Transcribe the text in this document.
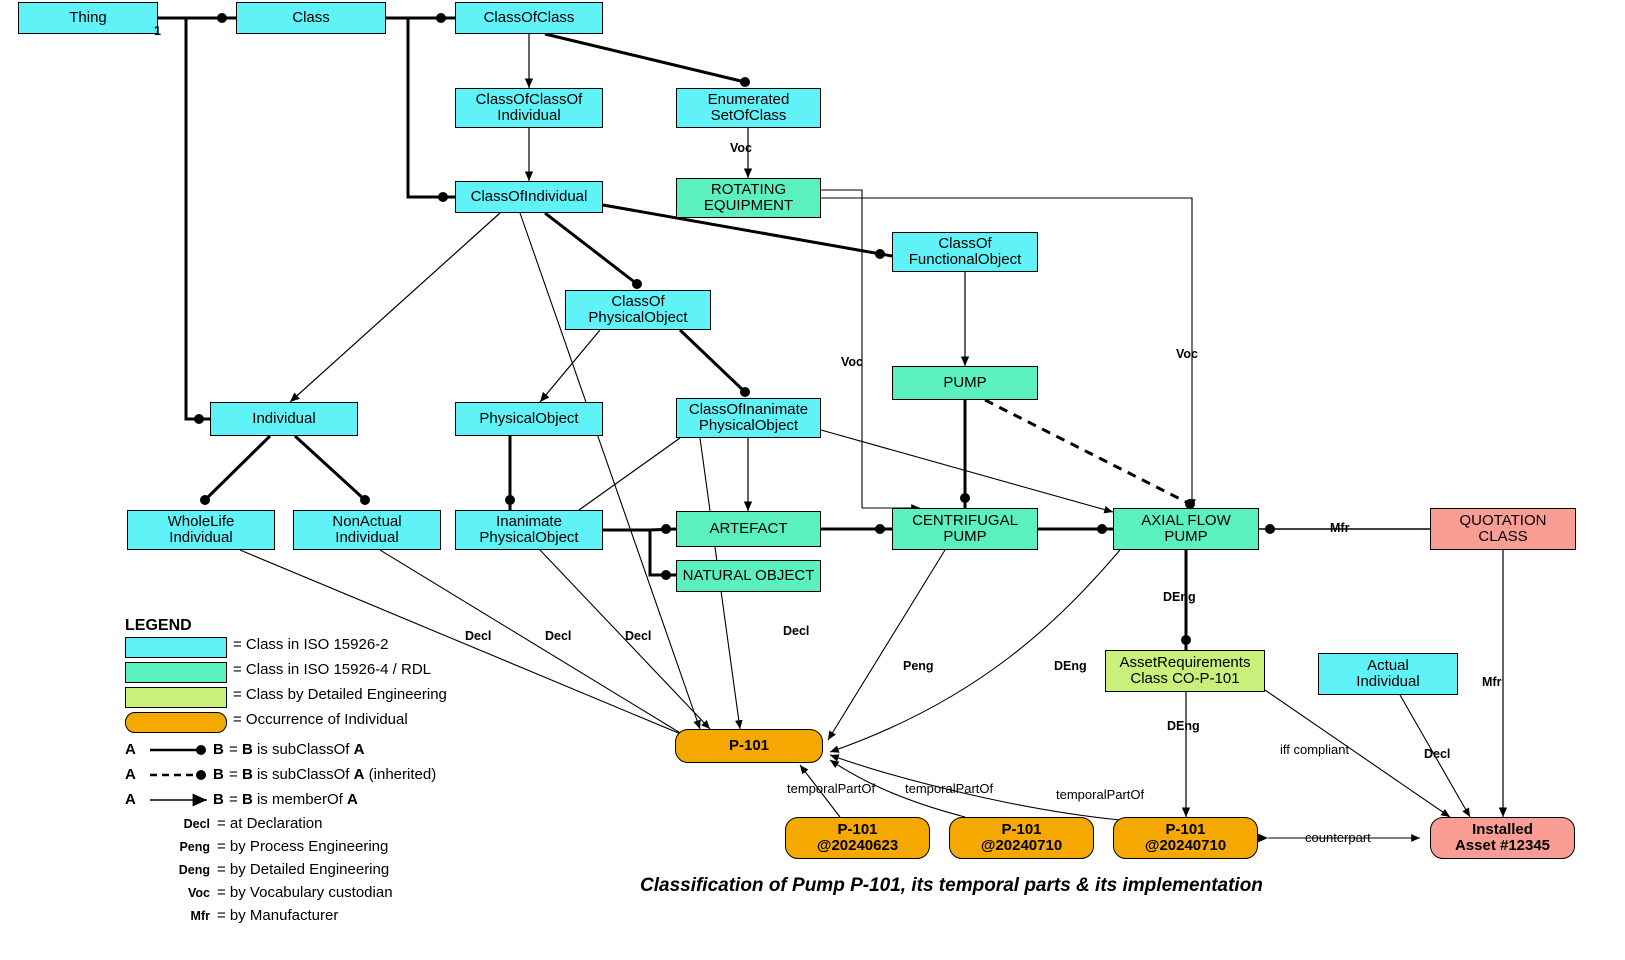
Thing	Class	ClassOfClass
ClassOfClassOf
Individual
Enumerated
SetOfClass
ClassOfIndividual	ROTATING
EQUIPMENT
ClassOf
FunctionalObject
ClassOf
PhysicalObject
PUMP
Individual	PhysicalObject
ClassOfInanimate
PhysicalObject
WholeLife
Individual
NonActual
Individual
Inanimate
PhysicalObject
ARTEFACT
NATURAL OBJECT
CENTRIFUGAL
PUMP
AXIAL FLOW
PUMP
QUOTATION
CLASS
AssetRequirements
Class CO-P-101
Actual
Individual
P-101
P-101
@20240623
P-101
@20240710
P-101
@20240710
Installed
Asset #12345
1
Voc
Voc
Voc
Mfr
DEng
Decl	Decl	Decl	Decl
Peng	DEng
Mfr
DEng
Decl
iff compliant
temporalPartOf temporalPartOf	temporalPartOf
counterpart
Classification of Pump P-101, its temporal parts & its implementation
LEGEND
= Class in ISO 15926-2
= Class in ISO 15926-4 / RDL
= Class by Detailed Engineering
= Occurrence of Individual
A	B = B is subClassOf A
A	B = B is subClassOf A (inherited)
A	B = B is memberOf A
Decl = at Declaration
Peng = by Process Engineering
Deng = by Detailed Engineering
Voc = by Vocabulary custodian
Mfr = by Manufacturer
